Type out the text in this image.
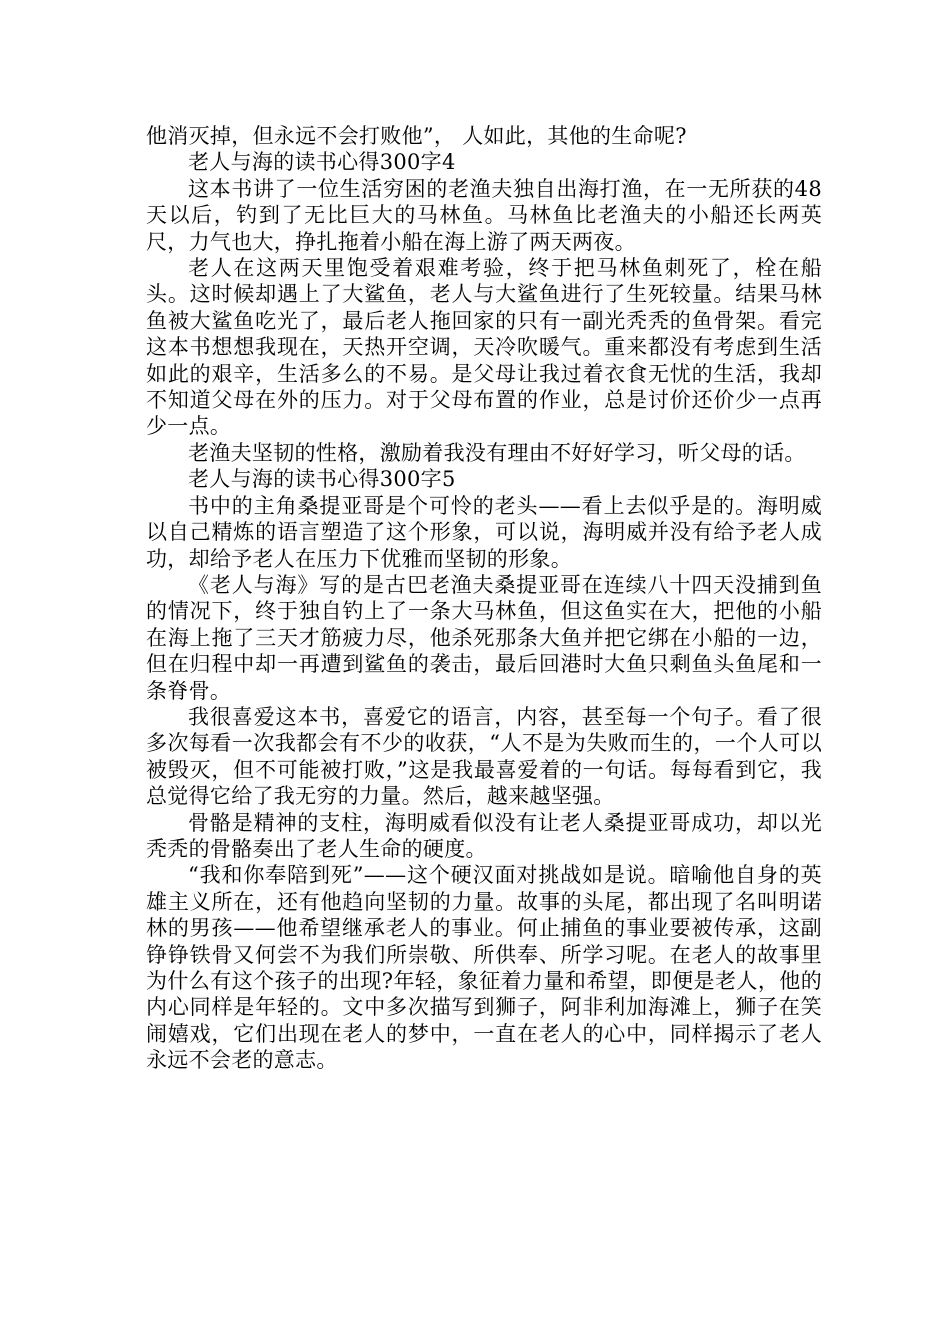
他消灭掉，但永远不会打败他”， 人如此，其他的生命呢?

老人与海的读书心得300字4

这本书讲了一位生活穷困的老渔夫独自出海打渔，在一无所获的48天以后，钓到了无比巨大的马林鱼。马林鱼比老渔夫的小船还长两英尺，力气也大，挣扎拖着小船在海上游了两天两夜。

老人在这两天里饱受着艰难考验，终于把马林鱼刺死了，栓在船头。这时候却遇上了大鲨鱼，老人与大鲨鱼进行了生死较量。结果马林鱼被大鲨鱼吃光了，最后老人拖回家的只有一副光秃秃的鱼骨架。看完这本书想想我现在，天热开空调，天冷吹暖气。重来都没有考虑到生活如此的艰辛，生活多么的不易。是父母让我过着衣食无忧的生活，我却不知道父母在外的压力。对于父母布置的作业，总是讨价还价少一点再少一点。

老渔夫坚韧的性格，激励着我没有理由不好好学习，听父母的话。

老人与海的读书心得300字5

书中的主角桑提亚哥是个可怜的老头——看上去似乎是的。海明威以自己精炼的语言塑造了这个形象，可以说，海明威并没有给予老人成功，却给予老人在压力下优雅而坚韧的形象。

《老人与海》写的是古巴老渔夫桑提亚哥在连续八十四天没捕到鱼的情况下，终于独自钓上了一条大马林鱼，但这鱼实在大，把他的小船在海上拖了三天才筋疲力尽，他杀死那条大鱼并把它绑在小船的一边，但在归程中却一再遭到鲨鱼的袭击，最后回港时大鱼只剩鱼头鱼尾和一条脊骨。

我很喜爱这本书，喜爱它的语言，内容，甚至每一个句子。看了很多次每看一次我都会有不少的收获，“人不是为失败而生的，一个人可以被毁灭，但不可能被打败，”这是我最喜爱着的一句话。每每看到它，我总觉得它给了我无穷的力量。然后，越来越坚强。

骨骼是精神的支柱，海明威看似没有让老人桑提亚哥成功，却以光秃秃的骨骼奏出了老人生命的硬度。

“我和你奉陪到死”——这个硬汉面对挑战如是说。暗喻他自身的英雄主义所在，还有他趋向坚韧的力量。故事的头尾，都出现了名叫明诺林的男孩——他希望继承老人的事业。何止捕鱼的事业要被传承，这副铮铮铁骨又何尝不为我们所崇敬、所供奉、所学习呢。在老人的故事里为什么有这个孩子的出现?年轻，象征着力量和希望，即便是老人，他的内心同样是年轻的。文中多次描写到狮子，阿非利加海滩上，狮子在笑闹嬉戏，它们出现在老人的梦中，一直在老人的心中，同样揭示了老人永远不会老的意志。
